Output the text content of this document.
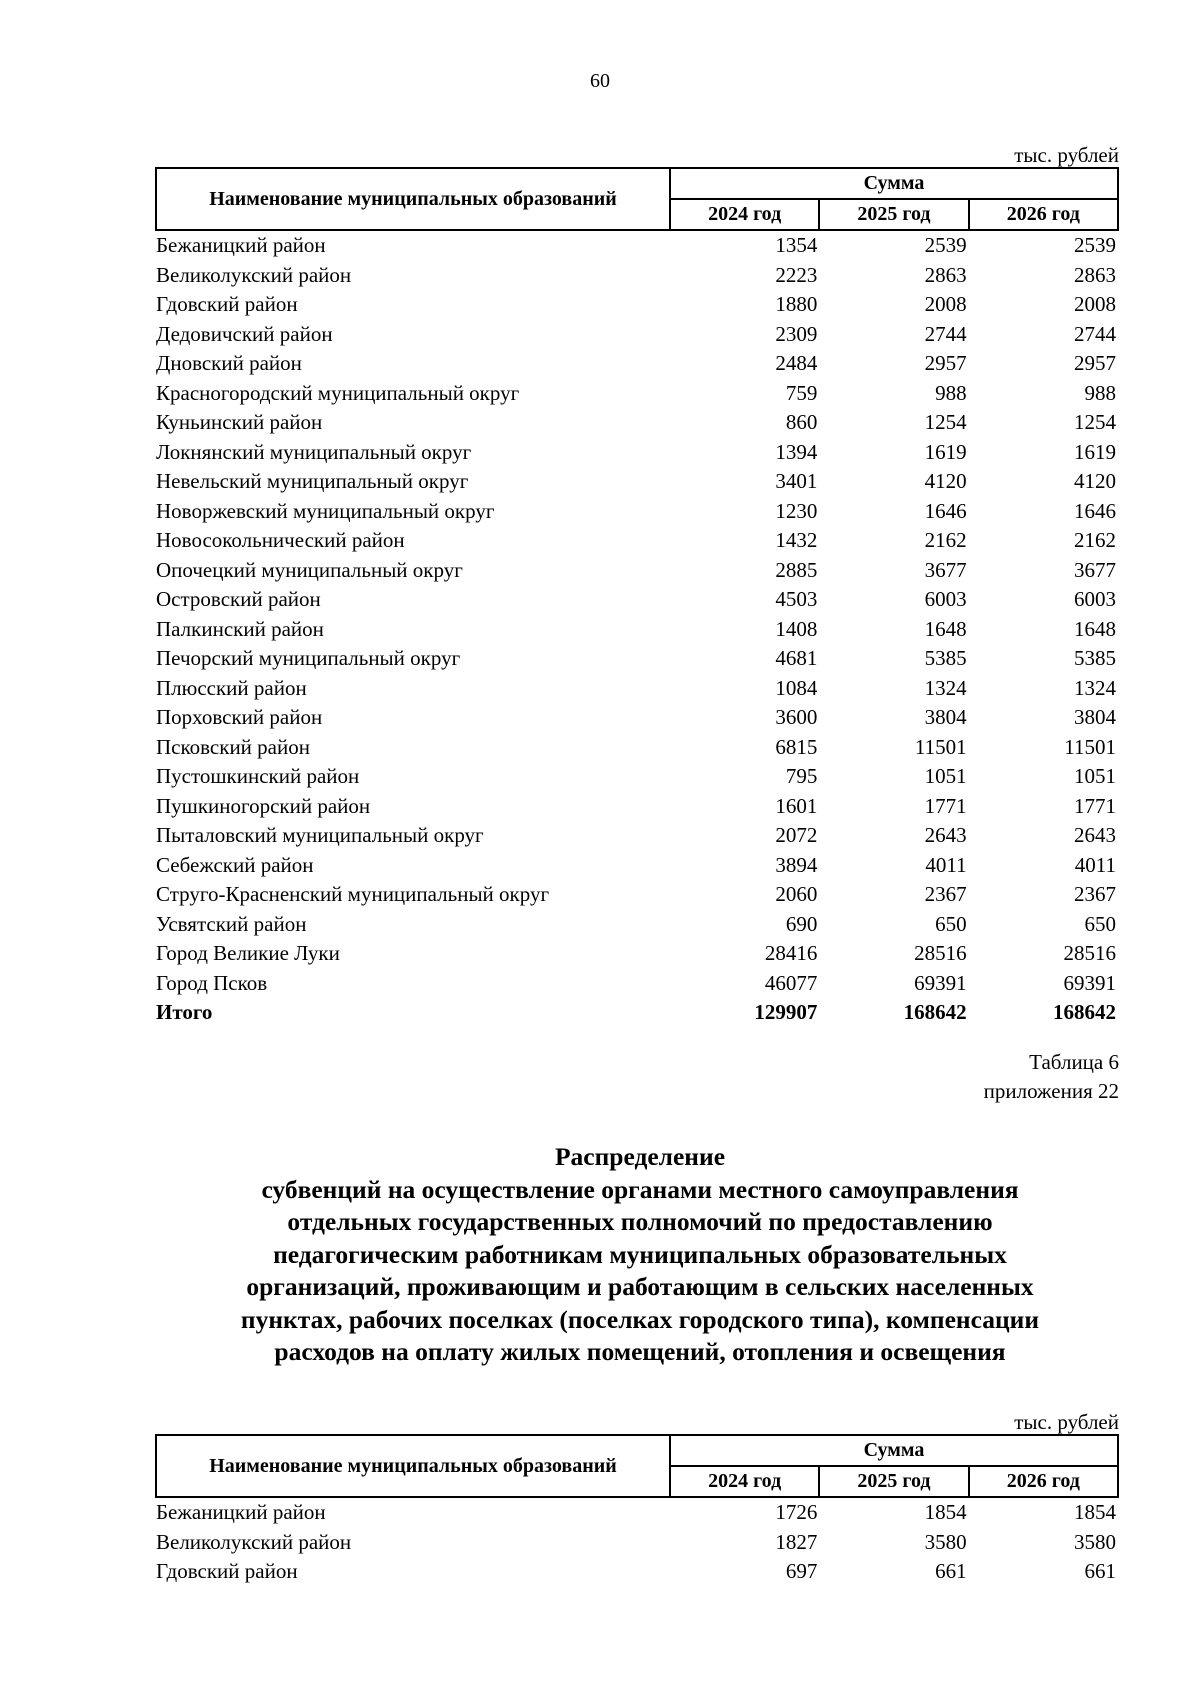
60
тыс. рублей
Наименование муниципальных образований	Сумма		
	2024 год	2025 год	2026 год
Бежаницкий район	1354	2539	2539
Великолукский район	2223	2863	2863
Гдовский район	1880	2008	2008
Дедовичский район	2309	2744	2744
Дновский район	2484	2957	2957
Красногородский муниципальный округ	759	988	988
Куньинский район	860	1254	1254
Локнянский муниципальный округ	1394	1619	1619
Невельский муниципальный округ	3401	4120	4120
Новоржевский муниципальный округ	1230	1646	1646
Новосокольнический район	1432	2162	2162
Опочецкий муниципальный округ	2885	3677	3677
Островский район	4503	6003	6003
Палкинский район	1408	1648	1648
Печорский муниципальный округ	4681	5385	5385
Плюсский район	1084	1324	1324
Порховский район	3600	3804	3804
Псковский район	6815	11501	11501
Пустошкинский район	795	1051	1051
Пушкиногорский район	1601	1771	1771
Пыталовский муниципальный округ	2072	2643	2643
Себежский район	3894	4011	4011
Струго-Красненский муниципальный округ	2060	2367	2367
Усвятский район	690	650	650
Город Великие Луки	28416	28516	28516
Город Псков	46077	69391	69391
Итого	129907	168642	168642
Таблица 6
приложения 22
Распределение
субвенций на осуществление органами местного самоуправления
отдельных государственных полномочий по предоставлению
педагогическим работникам муниципальных образовательных
организаций, проживающим и работающим в сельских населенных
пунктах, рабочих поселках (поселках городского типа), компенсации
расходов на оплату жилых помещений, отопления и освещения
тыс. рублей
Наименование муниципальных образований	Сумма		
	2024 год	2025 год	2026 год
Бежаницкий район	1726	1854	1854
Великолукский район	1827	3580	3580
Гдовский район	697	661	661
